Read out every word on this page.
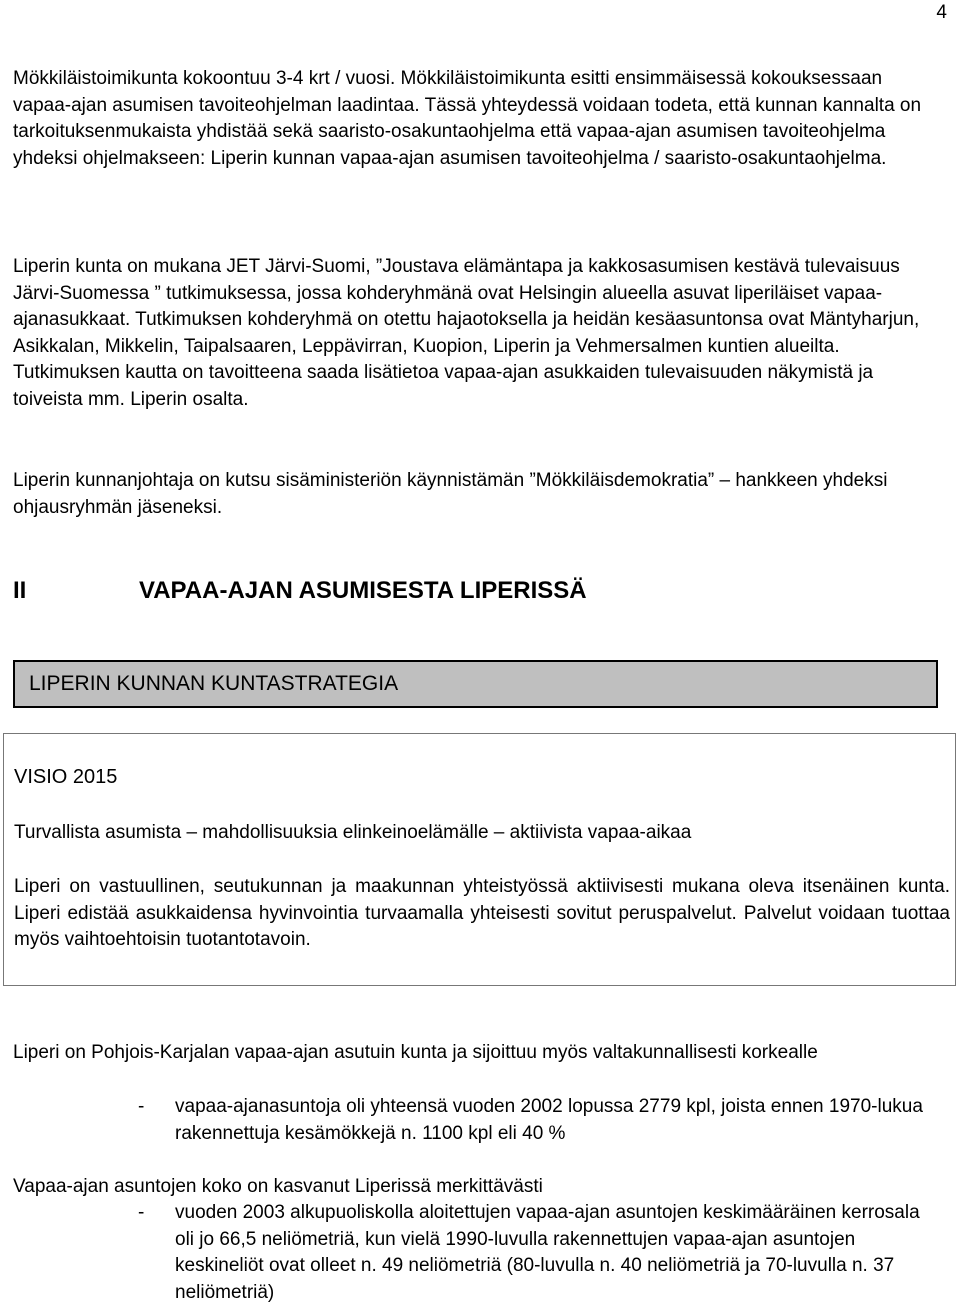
4

Mökkiläistoimikunta kokoontuu 3-4 krt / vuosi. Mökkiläistoimikunta esitti ensimmäisessä kokouksessaan vapaa-ajan asumisen tavoiteohjelman laadintaa. Tässä yhteydessä voidaan todeta, että kunnan kannalta on tarkoituksenmukaista yhdistää sekä saaristo-osakuntaohjelma että vapaa-ajan asumisen tavoiteohjelma yhdeksi ohjelmakseen: Liperin kunnan vapaa-ajan asumisen tavoiteohjelma / saaristo-osakuntaohjelma.

Liperin kunta on mukana JET Järvi-Suomi, ”Joustava elämäntapa ja kakkosasumisen kestävä tulevaisuus Järvi-Suomessa ” tutkimuksessa, jossa kohderyhmänä ovat Helsingin alueella asuvat liperiläiset vapaa-ajanasukkaat. Tutkimuksen kohderyhmä on otettu hajaotoksella ja heidän kesäasuntonsa ovat Mäntyharjun, Asikkalan, Mikkelin, Taipalsaaren, Leppävirran, Kuopion, Liperin ja Vehmersalmen kuntien alueilta. Tutkimuksen kautta on tavoitteena saada lisätietoa vapaa-ajan asukkaiden tulevaisuuden näkymistä ja toiveista mm. Liperin osalta.

Liperin kunnanjohtaja on kutsu sisäministeriön käynnistämän ”Mökkiläisdemokratia” – hankkeen yhdeksi ohjausryhmän jäseneksi.

II	VAPAA-AJAN ASUMISESTA LIPERISSÄ
LIPERIN KUNNAN KUNTASTRATEGIA
VISIO 2015
Turvallista asumista – mahdollisuuksia elinkeinoelämälle – aktiivista vapaa-aikaa
Liperi on vastuullinen, seutukunnan ja maakunnan yhteistyössä aktiivisesti mukana oleva itsenäinen kunta. Liperi edistää asukkaidensa hyvinvointia turvaamalla yhteisesti sovitut peruspalvelut. Palvelut voidaan tuottaa myös vaihtoehtoisin tuotantotavoin.

Liperi on Pohjois-Karjalan vapaa-ajan asutuin kunta ja sijoittuu myös valtakunnallisesti korkealle

- vapaa-ajanasuntoja oli yhteensä vuoden 2002 lopussa 2779 kpl, joista ennen 1970-lukua rakennettuja kesämökkejä n. 1100 kpl eli 40 %

Vapaa-ajan asuntojen koko on kasvanut Liperissä merkittävästi

- vuoden 2003 alkupuoliskolla aloitettujen vapaa-ajan asuntojen keskimääräinen kerrosala oli jo 66,5 neliömetriä, kun vielä 1990-luvulla rakennettujen vapaa-ajan asuntojen keskineliöt ovat olleet n. 49 neliömetriä (80-luvulla n. 40 neliömetriä ja 70-luvulla n. 37 neliömetriä)
